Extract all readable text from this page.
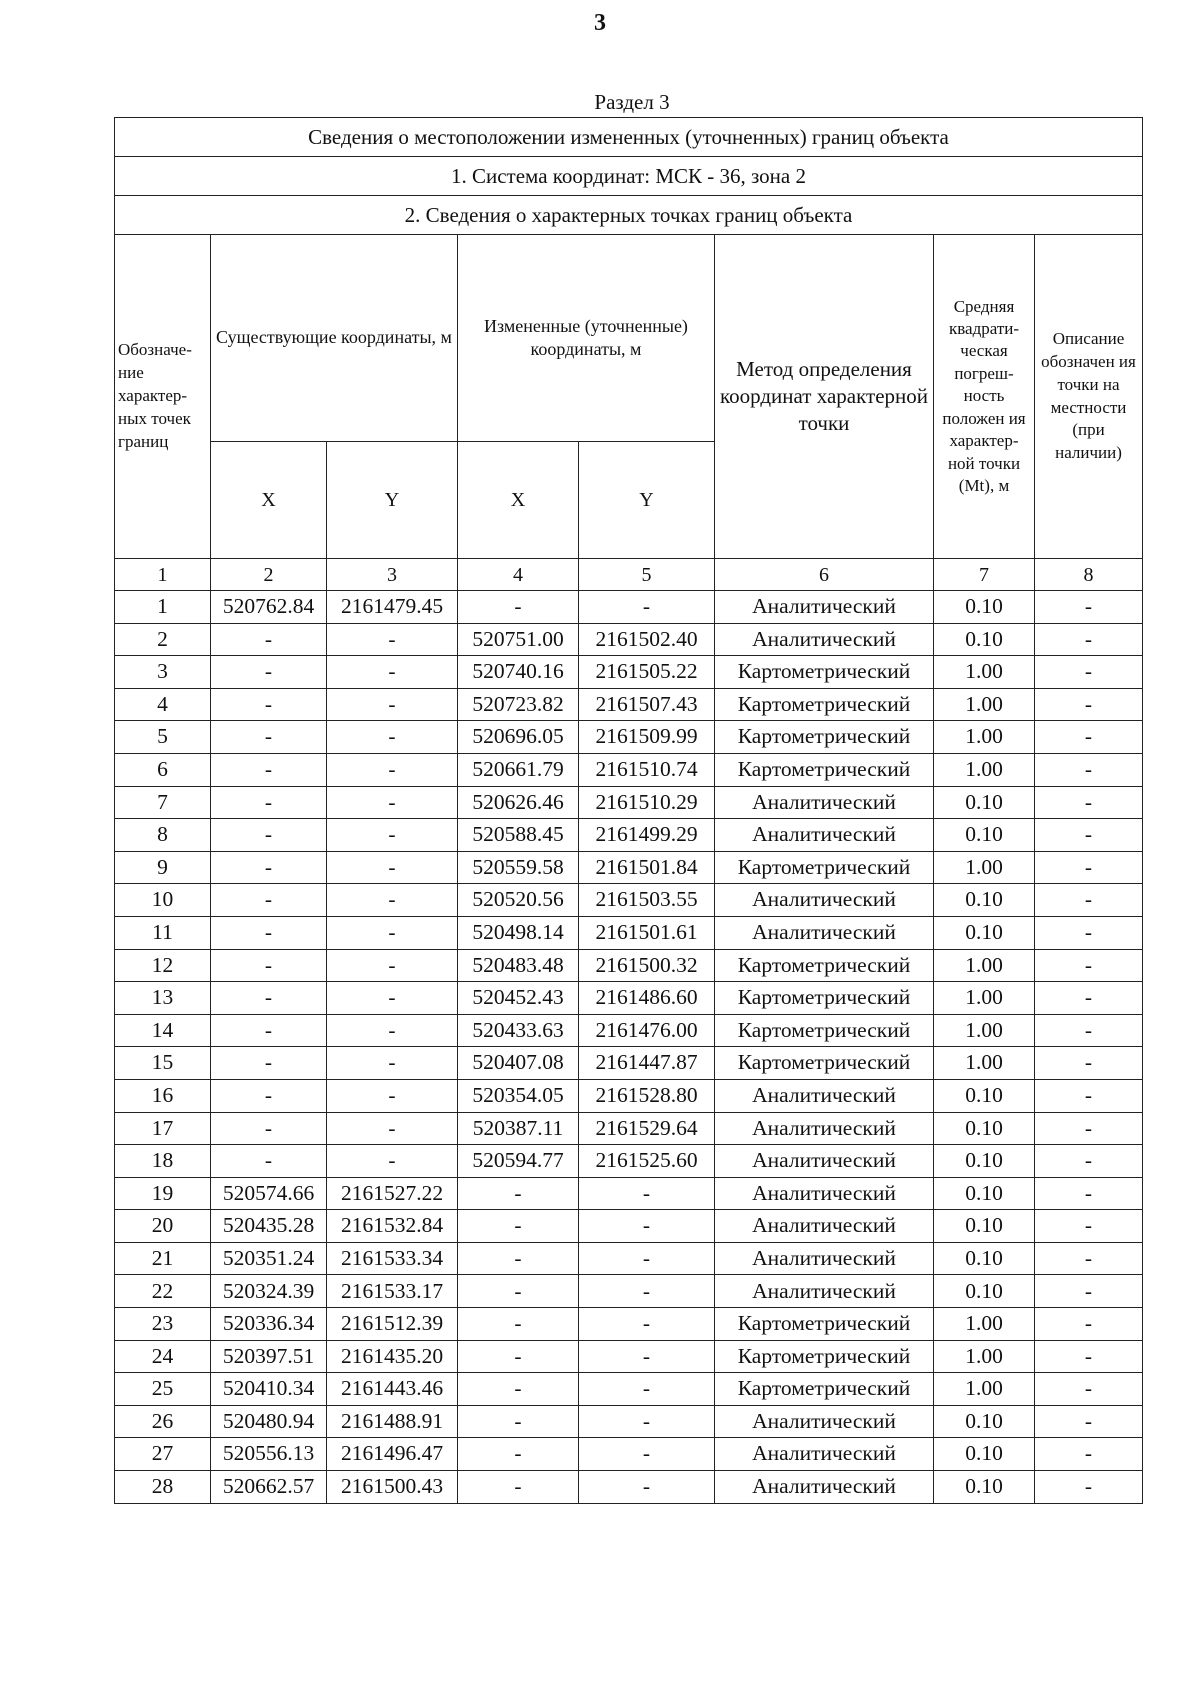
3
Раздел 3
Сведения о местоположении измененных (уточненных) границ объекта							
1. Система координат: МСК - 36, зона 2							
2. Сведения о характерных точках границ объекта							
Обозначе-ние характер-ных точек границ	Существующие координаты, м		Измененные (уточненные) координаты, м		Метод определения координат характерной точки	Средняя квадрати-ческая погреш-ность положен ия характер-ной точки (Mt), м	Описание обозначен ия точки на местности (при наличии)
	X	Y	X	Y			
1	2	3	4	5	6	7	8
1	520762.84	2161479.45	-	-	Аналитический	0.10	-
2	-	-	520751.00	2161502.40	Аналитический	0.10	-
3	-	-	520740.16	2161505.22	Картометрический	1.00	-
4	-	-	520723.82	2161507.43	Картометрический	1.00	-
5	-	-	520696.05	2161509.99	Картометрический	1.00	-
6	-	-	520661.79	2161510.74	Картометрический	1.00	-
7	-	-	520626.46	2161510.29	Аналитический	0.10	-
8	-	-	520588.45	2161499.29	Аналитический	0.10	-
9	-	-	520559.58	2161501.84	Картометрический	1.00	-
10	-	-	520520.56	2161503.55	Аналитический	0.10	-
11	-	-	520498.14	2161501.61	Аналитический	0.10	-
12	-	-	520483.48	2161500.32	Картометрический	1.00	-
13	-	-	520452.43	2161486.60	Картометрический	1.00	-
14	-	-	520433.63	2161476.00	Картометрический	1.00	-
15	-	-	520407.08	2161447.87	Картометрический	1.00	-
16	-	-	520354.05	2161528.80	Аналитический	0.10	-
17	-	-	520387.11	2161529.64	Аналитический	0.10	-
18	-	-	520594.77	2161525.60	Аналитический	0.10	-
19	520574.66	2161527.22	-	-	Аналитический	0.10	-
20	520435.28	2161532.84	-	-	Аналитический	0.10	-
21	520351.24	2161533.34	-	-	Аналитический	0.10	-
22	520324.39	2161533.17	-	-	Аналитический	0.10	-
23	520336.34	2161512.39	-	-	Картометрический	1.00	-
24	520397.51	2161435.20	-	-	Картометрический	1.00	-
25	520410.34	2161443.46	-	-	Картометрический	1.00	-
26	520480.94	2161488.91	-	-	Аналитический	0.10	-
27	520556.13	2161496.47	-	-	Аналитический	0.10	-
28	520662.57	2161500.43	-	-	Аналитический	0.10	-
